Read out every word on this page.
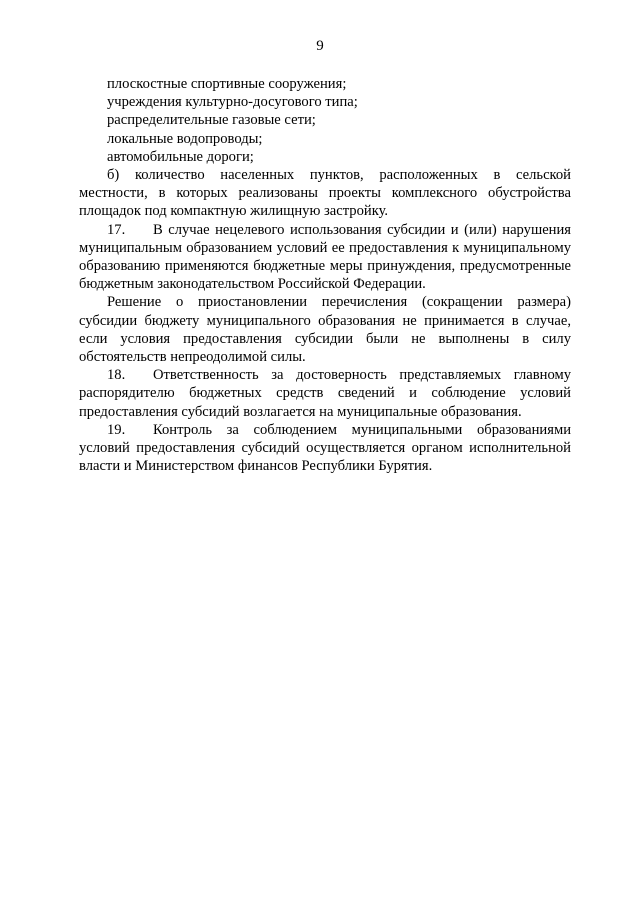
9
плоскостные спортивные сооружения;
учреждения культурно-досугового типа;
распределительные газовые сети;
локальные водопроводы;
автомобильные дороги;

б) количество населенных пунктов, расположенных в сельской местности, в которых реализованы проекты комплексного обустройства площадок под компактную жилищную застройку.

17. В случае нецелевого использования субсидии и (или) нарушения муниципальным образованием условий ее предоставления к муниципальному образованию применяются бюджетные меры принуждения, предусмотренные бюджетным законодательством Российской Федерации.

Решение о приостановлении перечисления (сокращении размера) субсидии бюджету муниципального образования не принимается в случае, если условия предоставления субсидии были не выполнены в силу обстоятельств непреодолимой силы.

18. Ответственность за достоверность представляемых главному распорядителю бюджетных средств сведений и соблюдение условий предоставления субсидий возлагается на муниципальные образования.

19. Контроль за соблюдением муниципальными образованиями условий предоставления субсидий осуществляется органом исполнительной власти и Министерством финансов Республики Бурятия.
